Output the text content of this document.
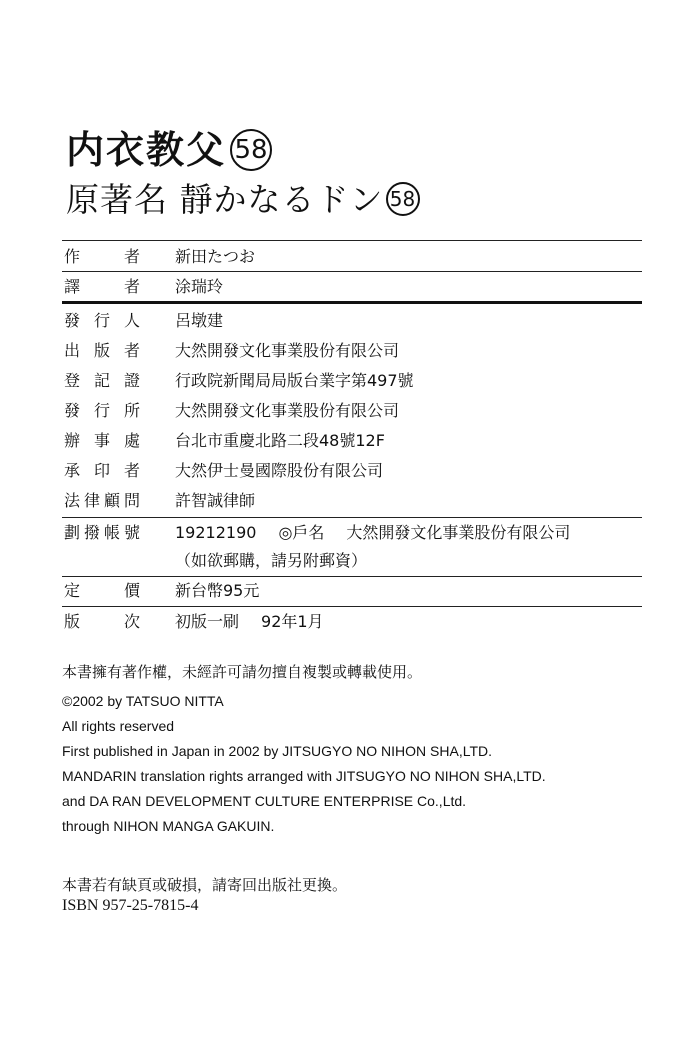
内衣教父 58
原著名 靜かなるドン 58
作	者 新田たつお
譯	者 涂瑞玲
發 行 人 呂墩建
出 版 者 大然開發文化事業股份有限公司
登 記 證 行政院新聞局局版台業字第497號
發 行 所 大然開發文化事業股份有限公司
辦 事 處 台北市重慶北路二段48號12F
承 印 者 大然伊士曼國際股份有限公司
法 律 顧 問 許智誠律師
劃 撥 帳 號 19212190 ◎戶名 大然開發文化事業股份有限公司
（如欲郵購，請另附郵資）
定	價 新台幣95元
版	次 初版一刷 92年1月
本書擁有著作權，未經許可請勿擅自複製或轉載使用。
©2002 by TATSUO NITTA
All rights reserved
First published in Japan in 2002 by JITSUGYO NO NIHON SHA,LTD.
MANDARIN translation rights arranged with JITSUGYO NO NIHON SHA,LTD.
and DA RAN DEVELOPMENT CULTURE ENTERPRISE Co.,Ltd.
through NIHON MANGA GAKUIN.
本書若有缺頁或破損，請寄回出版社更換。
ISBN 957-25-7815-4
